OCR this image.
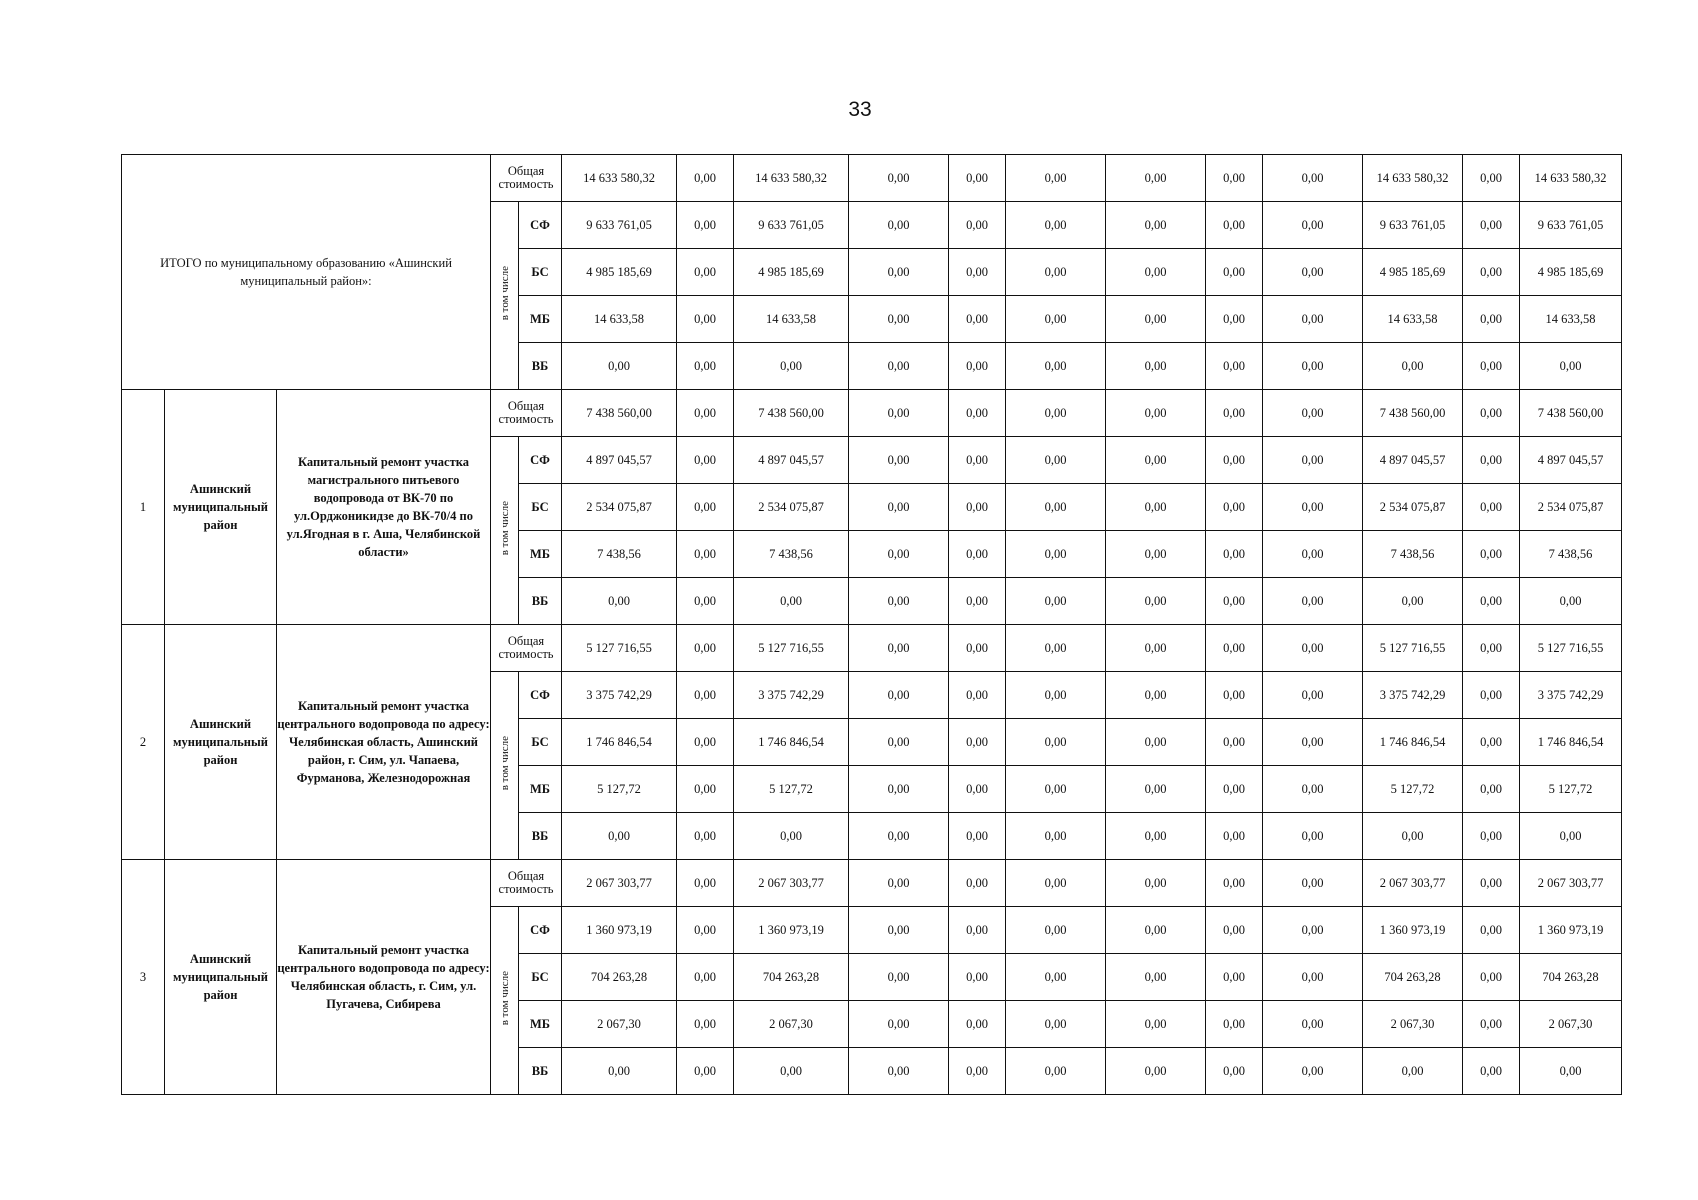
33
ИТОГО по муниципальному образованию «Ашинский муниципальный район»:			Общая стоимость		14 633 580,32	0,00	14 633 580,32	0,00	0,00	0,00	0,00	0,00	0,00	14 633 580,32	0,00	14 633 580,32
			в том числе	СФ	9 633 761,05	0,00	9 633 761,05	0,00	0,00	0,00	0,00	0,00	0,00	9 633 761,05	0,00	9 633 761,05
				БС	4 985 185,69	0,00	4 985 185,69	0,00	0,00	0,00	0,00	0,00	0,00	4 985 185,69	0,00	4 985 185,69
				МБ	14 633,58	0,00	14 633,58	0,00	0,00	0,00	0,00	0,00	0,00	14 633,58	0,00	14 633,58
				ВБ	0,00	0,00	0,00	0,00	0,00	0,00	0,00	0,00	0,00	0,00	0,00	0,00
1	Ашинский муниципальный район	Капитальный ремонт участка магистрального питьевого водопровода от ВК-70 по ул.Орджоникидзе до ВК-70/4 по ул.Ягодная в г. Аша, Челябинской области»	Общая стоимость		7 438 560,00	0,00	7 438 560,00	0,00	0,00	0,00	0,00	0,00	0,00	7 438 560,00	0,00	7 438 560,00
			в том числе	СФ	4 897 045,57	0,00	4 897 045,57	0,00	0,00	0,00	0,00	0,00	0,00	4 897 045,57	0,00	4 897 045,57
				БС	2 534 075,87	0,00	2 534 075,87	0,00	0,00	0,00	0,00	0,00	0,00	2 534 075,87	0,00	2 534 075,87
				МБ	7 438,56	0,00	7 438,56	0,00	0,00	0,00	0,00	0,00	0,00	7 438,56	0,00	7 438,56
				ВБ	0,00	0,00	0,00	0,00	0,00	0,00	0,00	0,00	0,00	0,00	0,00	0,00
2	Ашинский муниципальный район	Капитальный ремонт участка центрального водопровода по адресу: Челябинская область, Ашинский район, г. Сим, ул. Чапаева, Фурманова, Железнодорожная	Общая стоимость		5 127 716,55	0,00	5 127 716,55	0,00	0,00	0,00	0,00	0,00	0,00	5 127 716,55	0,00	5 127 716,55
			в том числе	СФ	3 375 742,29	0,00	3 375 742,29	0,00	0,00	0,00	0,00	0,00	0,00	3 375 742,29	0,00	3 375 742,29
				БС	1 746 846,54	0,00	1 746 846,54	0,00	0,00	0,00	0,00	0,00	0,00	1 746 846,54	0,00	1 746 846,54
				МБ	5 127,72	0,00	5 127,72	0,00	0,00	0,00	0,00	0,00	0,00	5 127,72	0,00	5 127,72
				ВБ	0,00	0,00	0,00	0,00	0,00	0,00	0,00	0,00	0,00	0,00	0,00	0,00
3	Ашинский муниципальный район	Капитальный ремонт участка центрального водопровода по адресу: Челябинская область, г. Сим, ул. Пугачева, Сибирева	Общая стоимость		2 067 303,77	0,00	2 067 303,77	0,00	0,00	0,00	0,00	0,00	0,00	2 067 303,77	0,00	2 067 303,77
			в том числе	СФ	1 360 973,19	0,00	1 360 973,19	0,00	0,00	0,00	0,00	0,00	0,00	1 360 973,19	0,00	1 360 973,19
				БС	704 263,28	0,00	704 263,28	0,00	0,00	0,00	0,00	0,00	0,00	704 263,28	0,00	704 263,28
				МБ	2 067,30	0,00	2 067,30	0,00	0,00	0,00	0,00	0,00	0,00	2 067,30	0,00	2 067,30
				ВБ	0,00	0,00	0,00	0,00	0,00	0,00	0,00	0,00	0,00	0,00	0,00	0,00
